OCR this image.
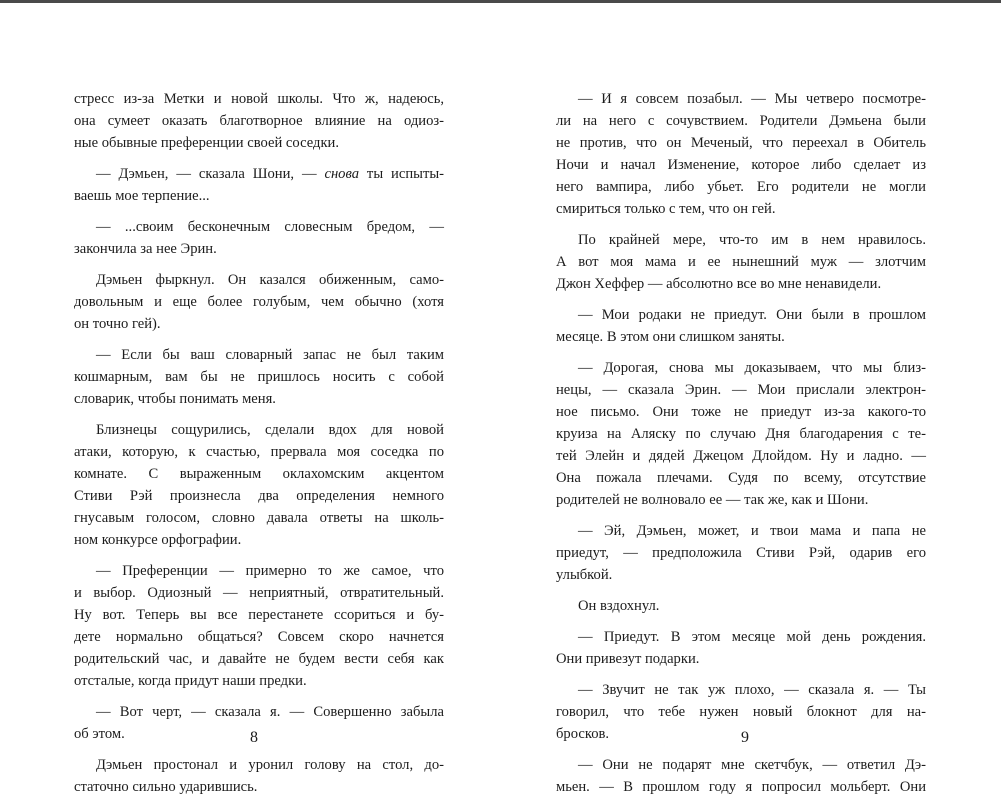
стресс из-за Метки и новой школы. Что ж, надеюсь,
она сумеет оказать благотворное влияние на одиоз-
ные обывные преференции своей соседки.
— Дэмьен, — сказала Шони, — снова ты испыты-
ваешь мое терпение...
— ...своим бесконечным словесным бредом, —
закончила за нее Эрин.
Дэмьен фыркнул. Он казался обиженным, само-
довольным и еще более голубым, чем обычно (хотя
он точно гей).
— Если бы ваш словарный запас не был таким
кошмарным, вам бы не пришлось носить с собой
словарик, чтобы понимать меня.
Близнецы сощурились, сделали вдох для новой
атаки, которую, к счастью, прервала моя соседка по
комнате. С выраженным оклахомским акцентом
Стиви Рэй произнесла два определения немного
гнусавым голосом, словно давала ответы на школь-
ном конкурсе орфографии.
— Преференции — примерно то же самое, что
и выбор. Одиозный — неприятный, отвратительный.
Ну вот. Теперь вы все перестанете ссориться и бу-
дете нормально общаться? Совсем скоро начнется
родительский час, и давайте не будем вести себя как
отсталые, когда придут наши предки.
— Вот черт, — сказала я. — Совершенно забыла
об этом.
Дэмьен простонал и уронил голову на стол, до-
статочно сильно ударившись.
— И я совсем позабыл. — Мы четверо посмотре-
ли на него с сочувствием. Родители Дэмьена были
не против, что он Меченый, что переехал в Обитель
Ночи и начал Изменение, которое либо сделает из
него вампира, либо убьет. Его родители не могли
смириться только с тем, что он гей.
По крайней мере, что-то им в нем нравилось.
А вот моя мама и ее нынешний муж — злотчим
Джон Хеффер — абсолютно все во мне ненавидели.
— Мои родаки не приедут. Они были в прошлом
месяце. В этом они слишком заняты.
— Дорогая, снова мы доказываем, что мы близ-
нецы, — сказала Эрин. — Мои прислали электрон-
ное письмо. Они тоже не приедут из-за какого-то
круиза на Аляску по случаю Дня благодарения с те-
тей Элейн и дядей Джецом Длойдом. Ну и ладно. —
Она пожала плечами. Судя по всему, отсутствие
родителей не волновало ее — так же, как и Шони.
— Эй, Дэмьен, может, и твои мама и папа не
приедут, — предположила Стиви Рэй, одарив его
улыбкой.
Он вздохнул.
— Приедут. В этом месяце мой день рождения.
Они привезут подарки.
— Звучит не так уж плохо, — сказала я. — Ты
говорил, что тебе нужен новый блокнот для на-
бросков.
— Они не подарят мне скетчбук, — ответил Дэ-
мьен. — В прошлом году я попросил мольберт. Они
8	9
